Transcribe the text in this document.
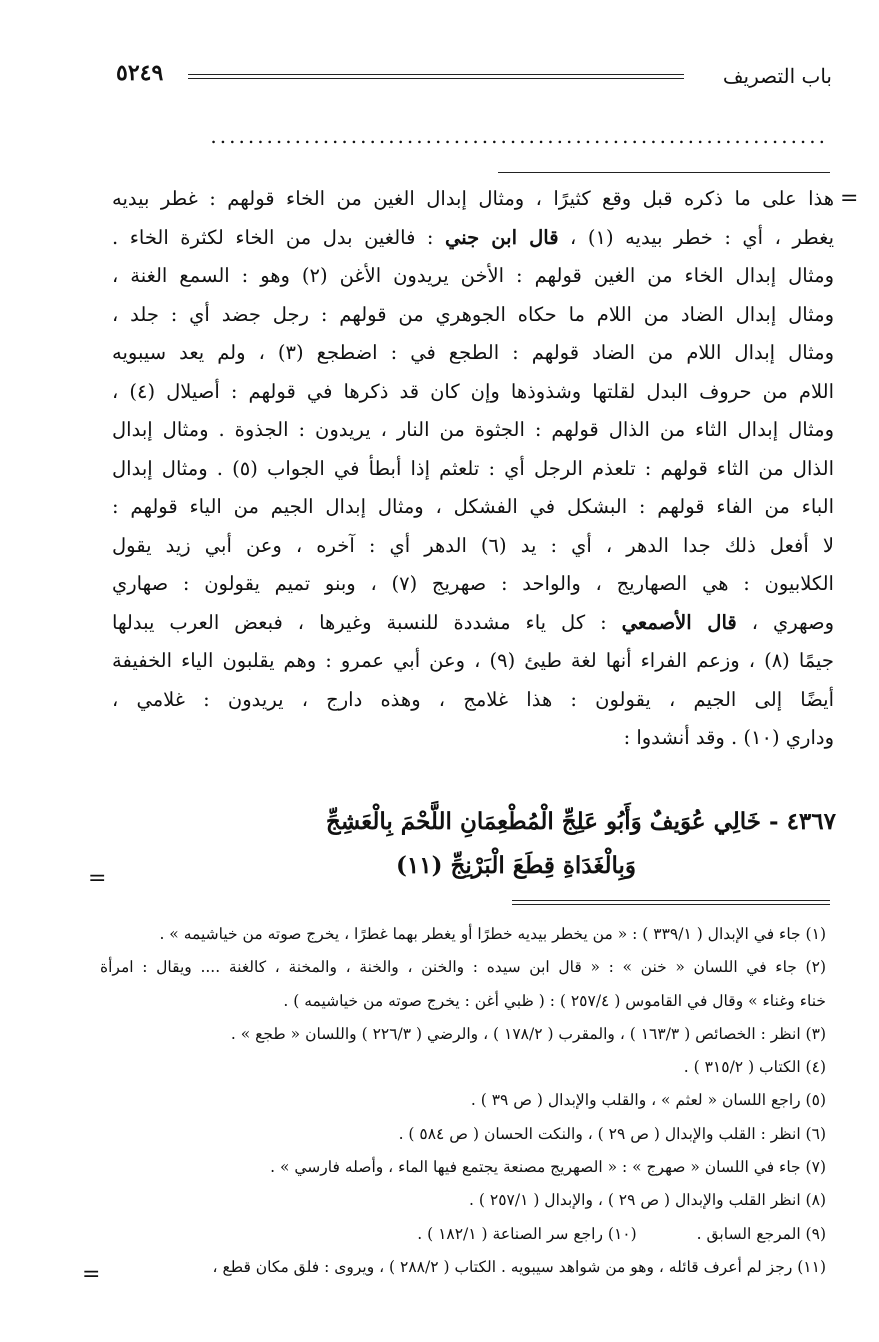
٥٢٤٩	باب التصريف
..................................................................
=
هذا على ما ذكره قبل وقع كثيرًا ، ومثال إبدال الغين من الخاء قولهم : غطر بيديه
يغطر ، أي : خطر بيديه (١) ، قال ابن جني : فالغين بدل من الخاء لكثرة الخاء .
ومثال إبدال الخاء من الغين قولهم : الأخن يريدون الأغن (٢) وهو : السمع الغنة ،
ومثال إبدال الضاد من اللام ما حكاه الجوهري من قولهم : رجل جضد أي : جلد ،
ومثال إبدال اللام من الضاد قولهم : الطجع في : اضطجع (٣) ، ولم يعد سيبويه
اللام من حروف البدل لقلتها وشذوذها وإن كان قد ذكرها في قولهم : أصيلال (٤) ،
ومثال إبدال الثاء من الذال قولهم : الجثوة من النار ، يريدون : الجذوة . ومثال إبدال
الذال من الثاء قولهم : تلعذم الرجل أي : تلعثم إذا أبطأ في الجواب (٥) . ومثال إبدال
الباء من الفاء قولهم : البشكل في الفشكل ، ومثال إبدال الجيم من الياء قولهم :
لا أفعل ذلك جدا الدهر ، أي : يد (٦) الدهر أي : آخره ، وعن أبي زيد يقول
الكلابيون : هي الصهاريج ، والواحد : صهريج (٧) ، وبنو تميم يقولون : صهاري
وصهري ، قال الأصمعي : كل ياء مشددة للنسبة وغيرها ، فبعض العرب يبدلها
جيمًا (٨) ، وزعم الفراء أنها لغة طيئ (٩) ، وعن أبي عمرو : وهم يقلبون الياء الخفيفة
أيضًا إلى الجيم ، يقولون : هذا غلامج ، وهذه دارج ، يريدون : غلامي ،
وداري (١٠) . وقد أنشدوا :
٤٣٦٧ - خَالِي عُوَيفٌ وَأَبُو عَلِجِّ الْمُطْعِمَانِ اللَّحْمَ بِالْعَشِجِّ
وَبِالْغَدَاةِ قِطَعَ الْبَرْنِجِّ (١١)
=
(١) جاء في الإبدال ( ٣٣٩/١ ) : « من يخطر بيديه خطرًا أو يغطر بهما غطرًا ، يخرج صوته من خياشيمه » .
(٢) جاء في اللسان « خنن » : « قال ابن سيده : والخنن ، والخنة ، والمخنة ، كالغنة .... ويقال : امرأة
خناء وغناء » وقال في القاموس ( ٢٥٧/٤ ) : ( ظبي أغن : يخرج صوته من خياشيمه ) .
(٣) انظر : الخصائص ( ١٦٣/٣ ) ، والمقرب ( ١٧٨/٢ ) ، والرضي ( ٢٢٦/٣ ) واللسان « طجع » .
(٤) الكتاب ( ٣١٥/٢ ) .
(٥) راجع اللسان « لعثم » ، والقلب والإبدال ( ص ٣٩ ) .
(٦) انظر : القلب والإبدال ( ص ٢٩ ) ، والنكت الحسان ( ص ٥٨٤ ) .
(٧) جاء في اللسان « صهرج » : « الصهريج مصنعة يجتمع فيها الماء ، وأصله فارسي » .
(٨) انظر القلب والإبدال ( ص ٢٩ ) ، والإبدال ( ٢٥٧/١ ) .
(٩) المرجع السابق .
(١٠) راجع سر الصناعة ( ١٨٢/١ ) .
(١١) رجز لم أعرف قائله ، وهو من شواهد سيبويه . الكتاب ( ٢٨٨/٢ ) ، ويروى : فلق مكان قطع ،
=
